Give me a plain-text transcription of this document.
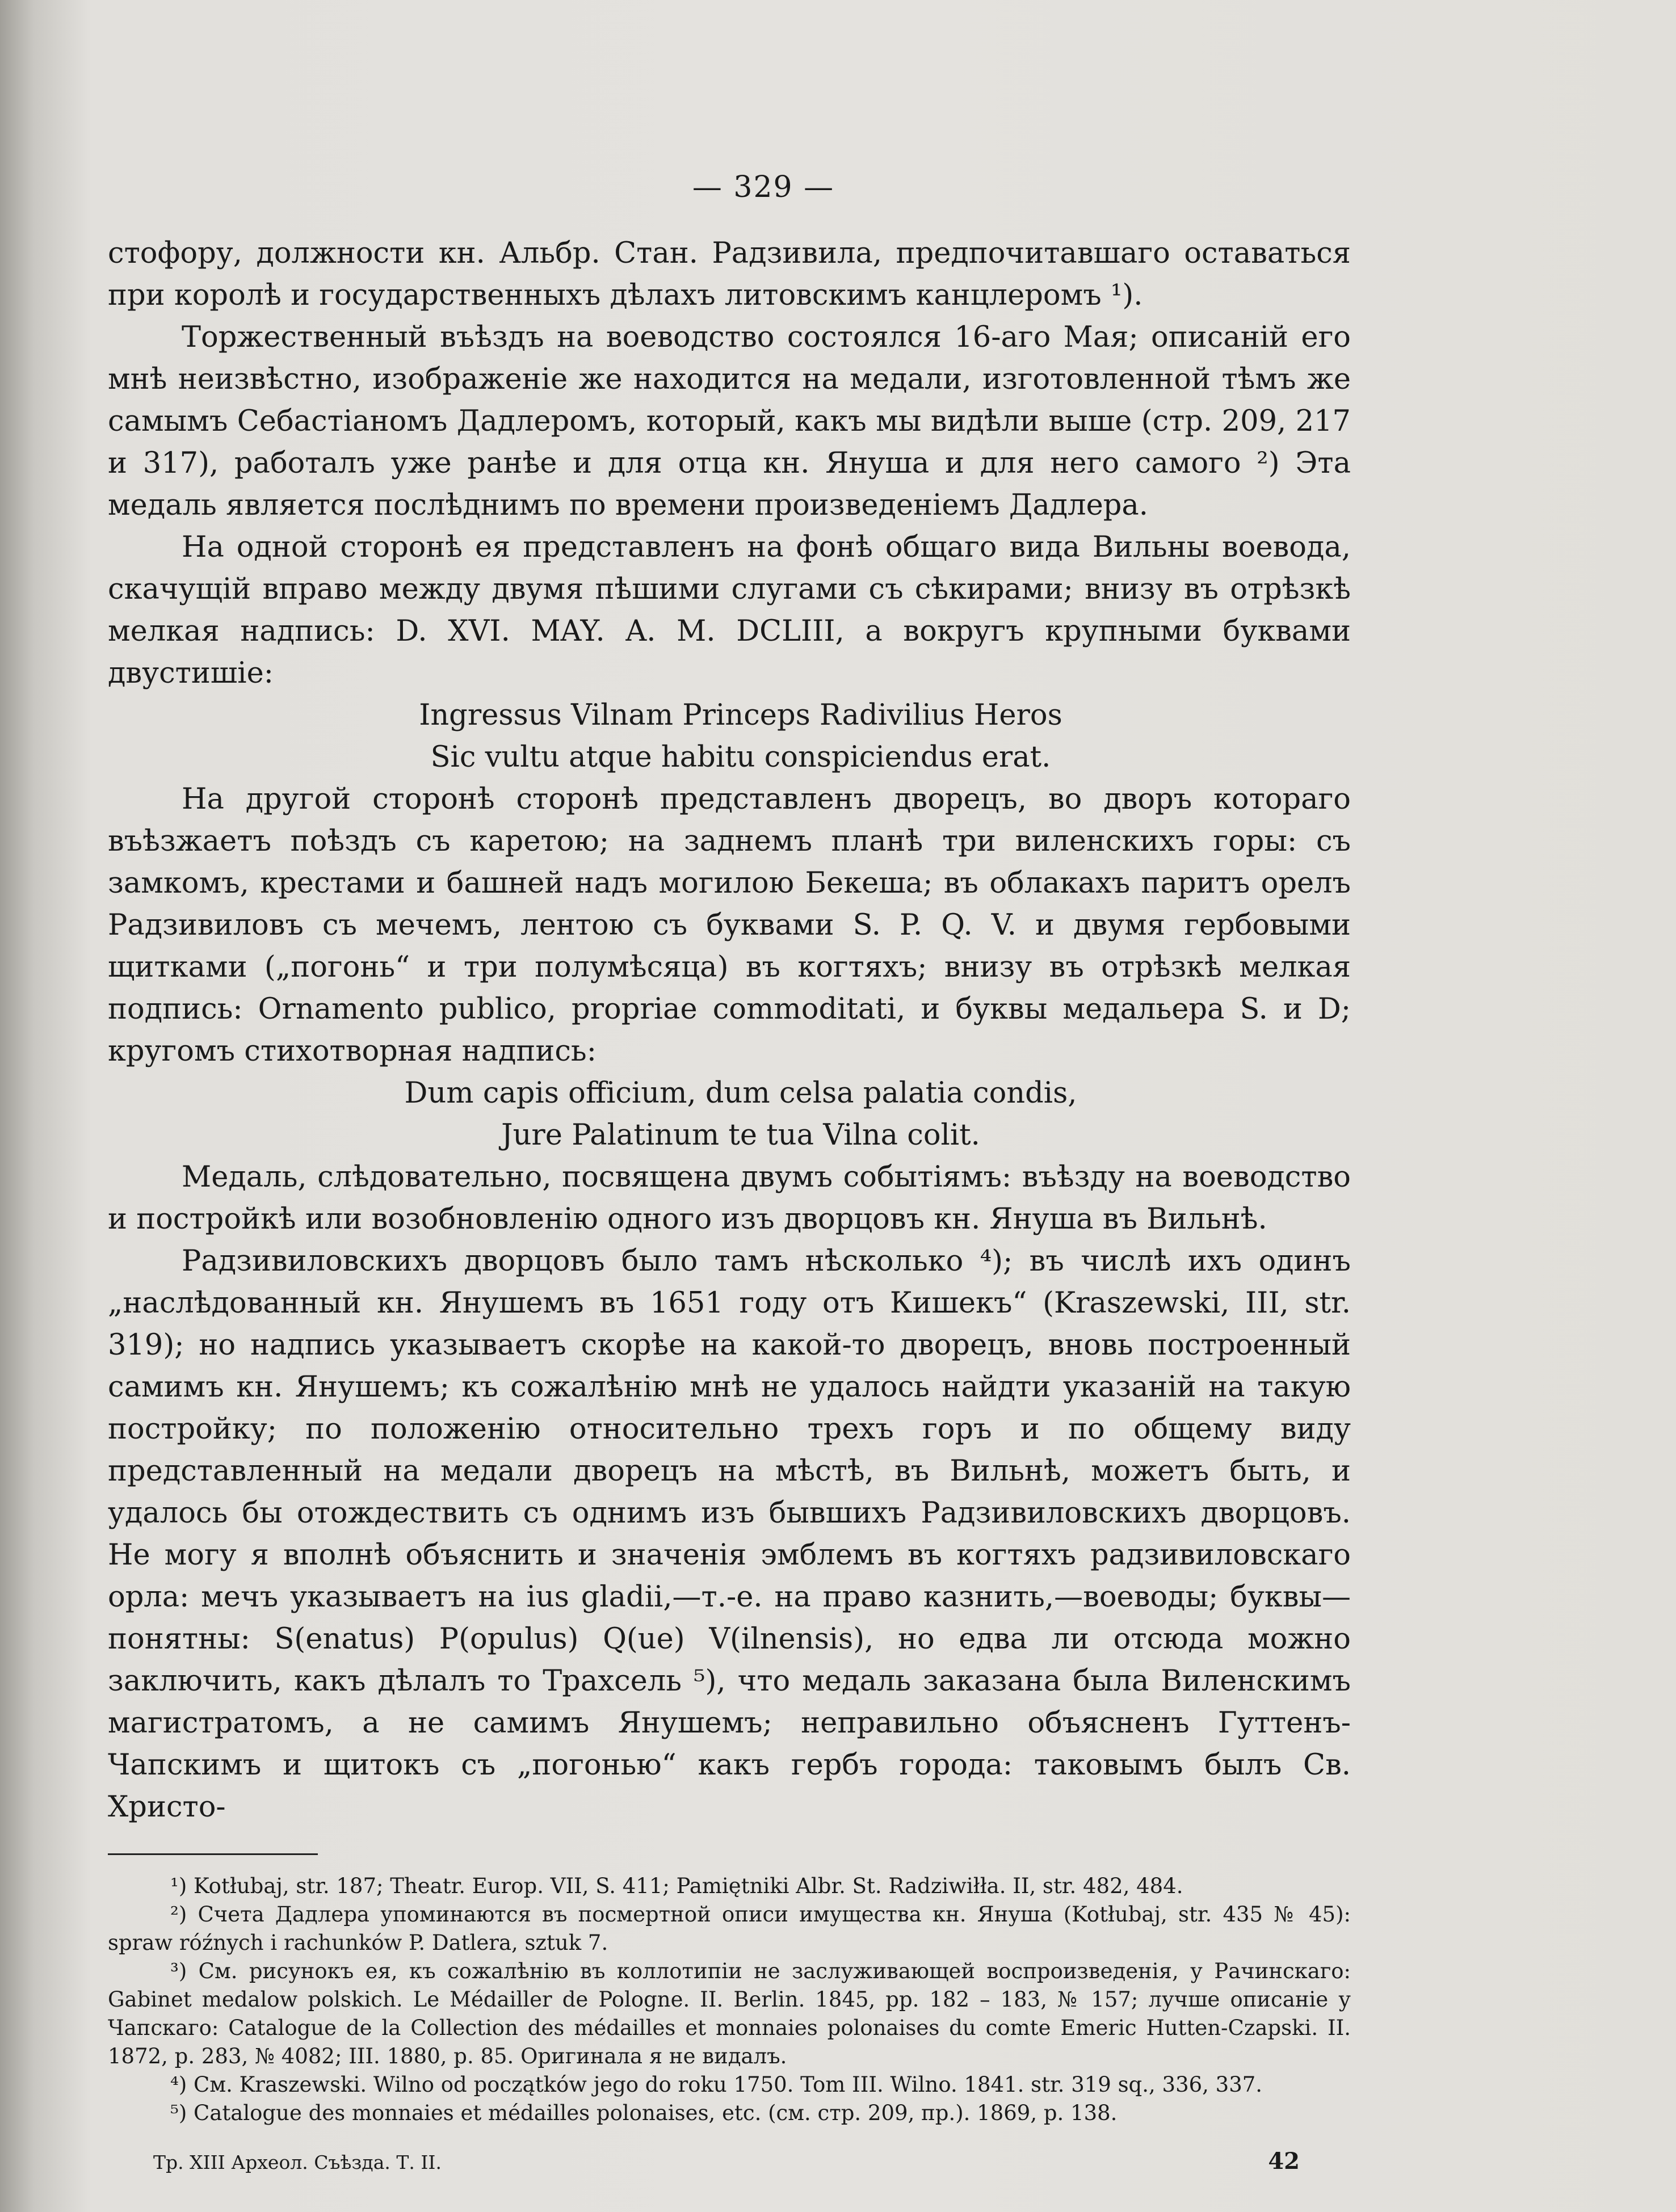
— 329 —

стофору, должности кн. Альбр. Стан. Радзивила, предпочитавшаго оставаться при королѣ и государственныхъ дѣлахъ литовскимъ канцлеромъ ¹).

Торжественный въѣздъ на воеводство состоялся 16-аго Мая; описаній его мнѣ неизвѣстно, изображеніе же находится на медали, изготовленной тѣмъ же самымъ Себастіаномъ Дадлеромъ, который, какъ мы видѣли выше (стр. 209, 217 и 317), работалъ уже ранѣе и для отца кн. Януша и для него самого ²) Эта медаль является послѣднимъ по времени произведеніемъ Дадлера.

На одной сторонѣ ея представленъ на фонѣ общаго вида Вильны воевода, скачущій вправо между двумя пѣшими слугами съ сѣкирами; внизу въ отрѣзкѣ мелкая надпись: D. XVI. MAY. A. M. DCLIII, а вокругъ крупными буквами двустишіе:

Ingressus Vilnam Princeps Radivilius Heros
Sic vultu atque habitu conspiciendus erat.

На другой сторонѣ сторонѣ представленъ дворецъ, во дворъ котораго въѣзжаетъ поѣздъ съ каретою; на заднемъ планѣ три виленскихъ горы: съ замкомъ, крестами и башней надъ могилою Бекеша; въ облакахъ паритъ орелъ Радзивиловъ съ мечемъ, лентою съ буквами S. P. Q. V. и двумя гербовыми щитками („погонь“ и три полумѣсяца) въ когтяхъ; внизу въ отрѣзкѣ мелкая подпись: Ornamento publico, propriae commoditati, и буквы медальера S. и D; кругомъ стихотворная надпись:

Dum capis officium, dum celsa palatia condis,
Jure Palatinum te tua Vilna colit.

Медаль, слѣдовательно, посвящена двумъ событіямъ: въѣзду на воеводство и постройкѣ или возобновленію одного изъ дворцовъ кн. Януша въ Вильнѣ.

Радзивиловскихъ дворцовъ было тамъ нѣсколько ⁴); въ числѣ ихъ одинъ „наслѣдованный кн. Янушемъ въ 1651 году отъ Кишекъ“ (Kraszewski, III, str. 319); но надпись указываетъ скорѣе на какой-то дворецъ, вновь построенный самимъ кн. Янушемъ; къ сожалѣнію мнѣ не удалось найдти указаній на такую постройку; по положенію относительно трехъ горъ и по общему виду представленный на медали дворецъ на мѣстѣ, въ Вильнѣ, можетъ быть, и удалось бы отождествить съ однимъ изъ бывшихъ Радзивиловскихъ дворцовъ. Не могу я вполнѣ объяснить и значенія эмблемъ въ когтяхъ радзивиловскаго орла: мечъ указываетъ на ius gladii,—т.-е. на право казнить,—воеводы; буквы—понятны: S(enatus) P(opulus) Q(ue) V(ilnensis), но едва ли отсюда можно заключить, какъ дѣлалъ то Трахсель ⁵), что медаль заказана была Виленскимъ магистратомъ, а не самимъ Янушемъ; неправильно объясненъ Гуттенъ-Чапскимъ и щитокъ съ „погонью“ какъ гербъ города: таковымъ былъ Св. Христо-

¹) Kotłubaj, str. 187; Theatr. Europ. VII, S. 411; Pamiętniki Albr. St. Radziwiłła. II, str. 482, 484.

²) Счета Дадлера упоминаются въ посмертной описи имущества кн. Януша (Kotłubaj, str. 435 № 45): spraw róźnych i rachunków P. Datlera, sztuk 7.

³) См. рисунокъ ея, къ сожалѣнію въ коллотипіи не заслуживающей воспроизведенія, у Рачинскаго: Gabinet medalow polskich. Le Médailler de Pologne. II. Berlin. 1845, pp. 182 – 183, № 157; лучше описаніе у Чапскаго: Catalogue de la Collection des médailles et monnaies polonaises du comte Emeric Hutten-Czapski. II. 1872, p. 283, № 4082; III. 1880, p. 85. Оригинала я не видалъ.

⁴) См. Kraszewski. Wilno od początków jego do roku 1750. Tom III. Wilno. 1841. str. 319 sq., 336, 337.

⁵) Catalogue des monnaies et médailles polonaises, etc. (см. стр. 209, пр.). 1869, p. 138.

Тр. XIII Археол. Съѣзда. Т. II.	42
